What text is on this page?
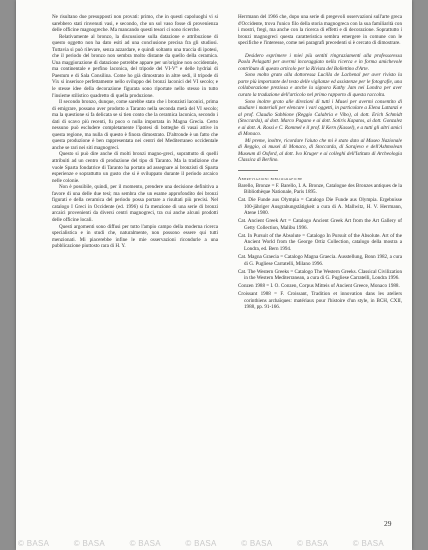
Ne risultano due presupposti non provati: primo, che in questi capoluoghi vi si sarebbero stati rinvenuti vasi, e secondo, che un sol vaso fosse di provenienza delle officine magnogreche. Ma mancando questi tesori ci sono ricerche.

Relativamente al bronzo, la discussione sulla datazione e attribuzione di questo oggetto non ha dato esiti ad una conclusione precisa fra gli studiosi. Tuttavia si può rilevare, senza azzardare, e quindi soltanto una traccia di ipotesi, che il periodo del bronzo non sembra molto distante da quello della ceramica. Una maggiorazione di datazione potrebbe appare per un'origine non occidentale, ma continentale e perfino laconica, del tripode del VI-V° e delle hydriai di Paestum e di Sala Consilina. Come ho già dimostrato in altre sedi, il tripode di Vix si inserisce perfettamente nello sviluppo dei bronzi laconici del VI secolo; e le stesse idee della decorazione figurata sono riportate nello stesso in tutto l'insieme stilistico quadretto di quella produzione.

Il secondo bronzo, dunque, come sarebbe stato che i bronzisti laconici, prima di emigrare, possano aver prodotto a Taranto nella seconda metà del VI secolo; ma la questione si fa delicata se si tien conto che la ceramica laconica, secondo i dati di scavo più recenti, fu poco o nulla importata in Magna Grecia. Certo nessuno può escludere completamente l'ipotesi di botteghe di vasai attive in questa regione, ma nulla di questo è finora dimostrato. D'altronde è un fatto che questa produzione è ben rappresentata nei centri del Mediterraneo occidentale anche se rari nei siti magnogreci.

Questo si può dire anche di molti bronzi magno-greci, soprattutto di quelli attribuiti ad un centro di produzione del tipo di Taranto. Ma la tradizione che vuole Sparta fondatrice di Taranto ha portato ad assegnare ai bronzisti di Sparta esperienze e soprattutto un gusto che si è sviluppato durante il periodo arcaico nelle colonie.

Non è possibile, quindi, per il momento, prendere una decisione definitiva a favore di una delle due tesi; ma sembra che un esame approfondito dei bronzi figurati e della ceramica del periodo possa portare a risultati più precisi. Nel catalogo I Greci in Occidente (ed. 1996) si fa menzione di una serie di bronzi arcaici provenienti da diversi centri magnogreci, tra cui anche alcuni prodotti delle officine locali.

Questi argomenti sono diffusi per tutto l'ampio campo della moderna ricerca specialistica e in studi che, naturalmente, non possono essere qui tutti menzionati. Mi piacerebbe infine le mie osservazioni ricondurle a una pubblicazione piuttosto rara di H. Y.

Herrmann del 1966 che, dopo una serie di pregevoli osservazioni sull'arte greca d'Occidente, trova l'unico filo della storia magnogreca con la sua familiarità con i mostri, fregi, ma anche con la ricerca di effetti e di decorazione. Soprattutto i bronzi magnogreci questa caratteristica sembra emergere in comune con le specifiche e l'interesse, come nei paragrafi precedenti si è cercato di dimostrare.

Desidero esprimere i miei più sentiti ringraziamenti alla professoressa Paola Pelagatti per avermi incoraggiato nella ricerca e in forma amichevole contributo di questo articolo per la Rivista del Bollettino d'Arte.

Sono molto grato alla dottoressa Lucilla de Lachenal per aver rivisto la parte più importante del testo delle vigilanze ed assistenze per le fotografie, una collaborazione preziosa e anche la signora Kathy Jam nei Londra per aver curato la traduzione dell'articolo nel primo rapporto di questa raccolta.

Sono inoltre grato alle direzioni di tutti i Musei per avermi consentito di studiare i materiali per elencare i vari oggetti, in particolare a Elena Lattanzi e al prof. Claudio Sabbione (Reggio Calabria e Vibo), al dott. Erich Schmidt (Stoccarda), al dott. Marco Pagano e ai dott. Sotiris Kapatos, ai dott. Gonzalez e ai dott. A. Rossi e C. Rommel e il prof. Il Kern (Kassel), e a tutti gli altri amici di Monaco.

Mi preme, inoltre, ricordare l'aiuto che mi è stato dato al Museo Nazionale di Reggio, ai musei di Monaco, di Stoccarda, di Sarajevo e dell'Ashmolean Museum di Oxford, al dott. Ivo Kruger e ai colleghi dell'Istituto di Archeologia Classica di Berlino.

Abbreviazioni bibliografiche

Barello, Bronze = F. Barello, I. A. Bronze, Catalogue des Bronzes antiques de la Bibliothèque Nationale, Paris 1895.

Cat. Die Funde aus Olympia = Catalogo Die Funde aus Olympia. Ergebnisse 100-jähriger Ausgrabungstätigkeit a cura di A. Mallwitz, H. V. Herrmann, Atene 1980.

Cat. Ancient Greek Art = Catalogo Ancient Greek Art from the Art Gallery of Getty Collection, Malibu 1996.

Cat. In Pursuit of the Absolute = Catalogo In Pursuit of the Absolute. Art of the Ancient World from the George Ortiz Collection, catalogo della mostra a Londra, ed. Bern 1994.

Cat. Magna Graecia = Catalogo Magna Graecia. Ausstellung, Bonn 1982, a cura di G. Pugliese Carratelli, Milano 1996.

Cat. The Western Greeks = Catalogo The Western Greeks. Classical Civilization in the Western Mediterranean, a cura di G. Pugliese Carratelli, Londra 1996.

Conzen 1988 = I. O. Conzen, Corpus Mitteis of Ancient Greece, Monaco 1988.

Croissant 1988 = F. Croissant, Tradition et innovation dans les ateliers corinthiens archaïques: matériaux pour l'histoire d'un style, in BCH, CXII, 1988, pp. 91-166.

29
© BASA	© BASA	© BASA	© BASA	© BASA	© BASA	© BASA
